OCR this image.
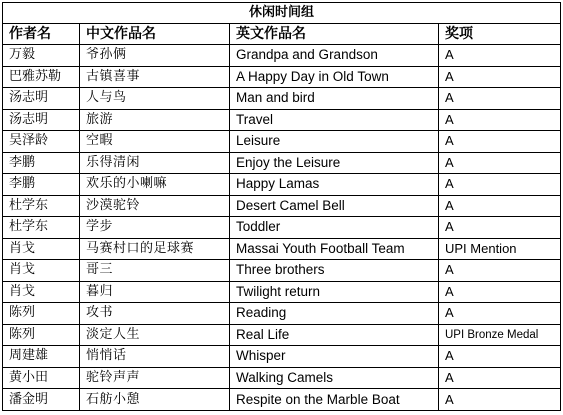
休闲时间组			
作者名	中文作品名	英文作品名	奖项
万毅	爷孙俩	Grandpa and Grandson	A
巴雅苏勒	古镇喜事	A Happy Day in Old Town	A
汤志明	人与鸟	Man and bird	A
汤志明	旅游	Travel	A
吴泽龄	空暇	Leisure	A
李鹏	乐得清闲	Enjoy the Leisure	A
李鹏	欢乐的小喇嘛	Happy Lamas	A
杜学东	沙漠驼铃	Desert Camel Bell	A
杜学东	学步	Toddler	A
肖戈	马赛村口的足球赛	Massai Youth Football Team	UPI Mention
肖戈	哥三	Three brothers	A
肖戈	暮归	Twilight return	A
陈列	攻书	Reading	A
陈列	淡定人生	Real Life	UPI Bronze Medal
周建雄	悄悄话	Whisper	A
黄小田	驼铃声声	Walking Camels	A
潘金明	石舫小憩	Respite on the Marble Boat	A
